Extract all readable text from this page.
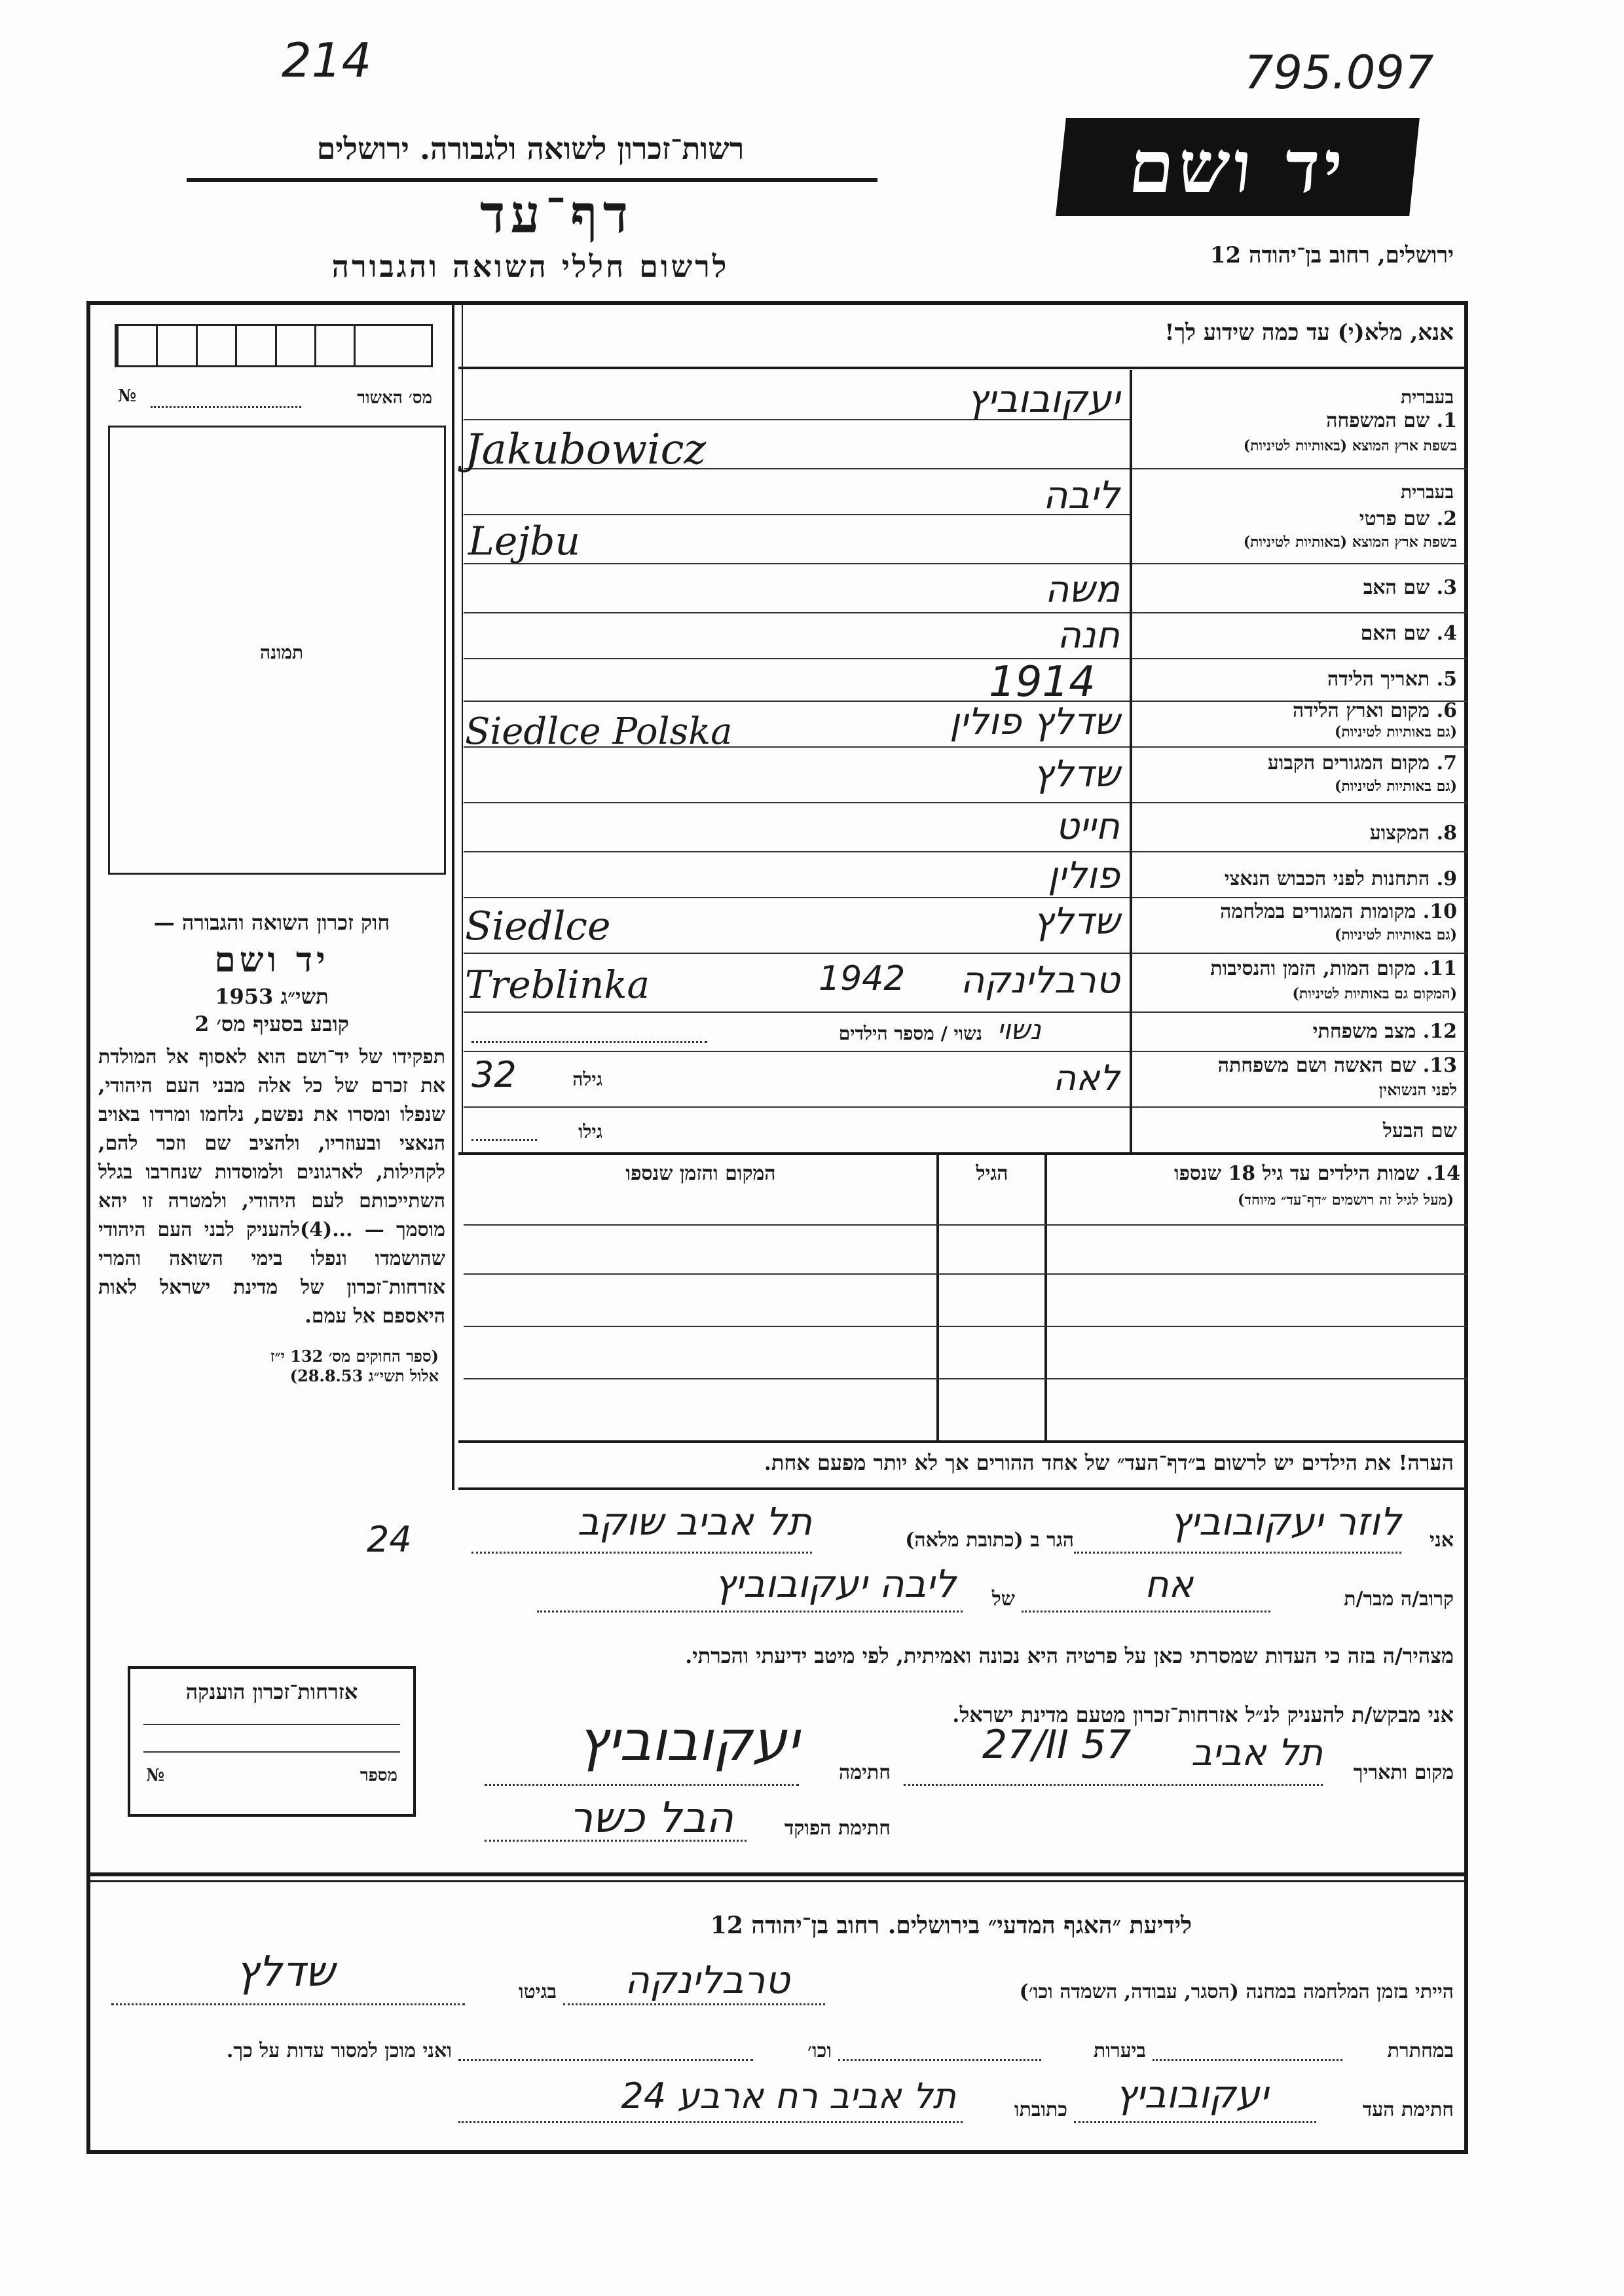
214	795.097
רשות־זכרון לשואה ולגבורה. ירושלים
דף־עד
לרשום חללי השואה והגבורה
יד ושם
ירושלים, רחוב בן־יהודה 12
אנא, מלא(י) עד כמה שידוע לך!
מס׳ האשור
№
תמונה
בעברית
1. שם המשפחה
בשפת ארץ המוצא (באותיות לטיניות)
בעברית
2. שם פרטי
בשפת ארץ המוצא (באותיות לטיניות)
3. שם האב
4. שם האם
5. תאריך הלידה
6. מקום וארץ הלידה
(גם באותיות לטיניות)
7. מקום המגורים הקבוע
(גם באותיות לטיניות)
8. המקצוע
9. התחנות לפני הכבוש הנאצי
10. מקומות המגורים במלחמה
(גם באותיות לטיניות)
11. מקום המות, הזמן והנסיבות
(המקום גם באותיות לטיניות)
12. מצב משפחתי
13. שם האשה ושם משפחתה
לפני הנשואין
שם הבעל
יעקובוביץ
Jakubowicz
ליבה
Lejbu
משה
חנה
1914
שדלץ פולין
Siedlce Polska
שדלץ
חייט
פולין
שדלץ
Siedlce
טרבלינקה
1942
Treblinka
נשוי
נשוי / מספר הילדים
לאה
גילה
32
גילו
חוק זכרון השואה והגבורה —
יד ושם
תשי״ג 1953
קובע בסעיף מס׳ 2
תפקידו של יד־ושם הוא לאסוף אל המולדת את זכרם של כל אלה מבני העם היהודי, שנפלו ומסרו את נפשם, נלחמו ומרדו באויב הנאצי ובעוזריו, ולהציב שם וזכר להם, לקהילות, לארגונים ולמוסדות שנחרבו בגלל השתייכותם לעם היהודי, ולמטרה זו יהא מוסמך — ...(4)להעניק לבני העם היהודי שהושמדו ונפלו בימי השואה והמרי אזרחות־זכרון של מדינת ישראל לאות היאספם אל עמם.
(ספר החוקים מס׳ 132 י״ז אלול תשי״ג 28.8.53)
14. שמות הילדים עד גיל 18 שנספו
(מעל לגיל זה רושמים ״דף־עד״ מיוחד)
הגיל
המקום והזמן שנספו
הערה! את הילדים יש לרשום ב״דף־העד״ של אחד ההורים אך לא יותר מפעם אחת.
אני
לוזר יעקובוביץ
הגר ב (כתובת מלאה)
תל אביב שוקב
24
קרוב/ה מבר/ת
אח
של
ליבה יעקובוביץ
מצהיר/ה בזה כי העדות שמסרתי כאן על פרטיה היא נכונה ואמיתית, לפי מיטב ידיעתי והכרתי.
אני מבקש/ת להעניק לנ״ל אזרחות־זכרון מטעם מדינת ישראל.
מקום ותאריך
תל אביב
27/II 57
חתימה
יעקובוביץ
חתימת הפוקד
הבל כשר
אזרחות־זכרון הוענקה
מספר
№
לידיעת ״האגף המדעי״ בירושלים. רחוב בן־יהודה 12
הייתי בזמן המלחמה במחנה (הסגר, עבודה, השמדה וכו׳)
טרבלינקה
בגיטו
שדלץ
במחתרת
ביערות
וכו׳
ואני מוכן למסור עדות על כך.
חתימת העד
יעקובוביץ
כתובתו
תל אביב רח ארבע 24
